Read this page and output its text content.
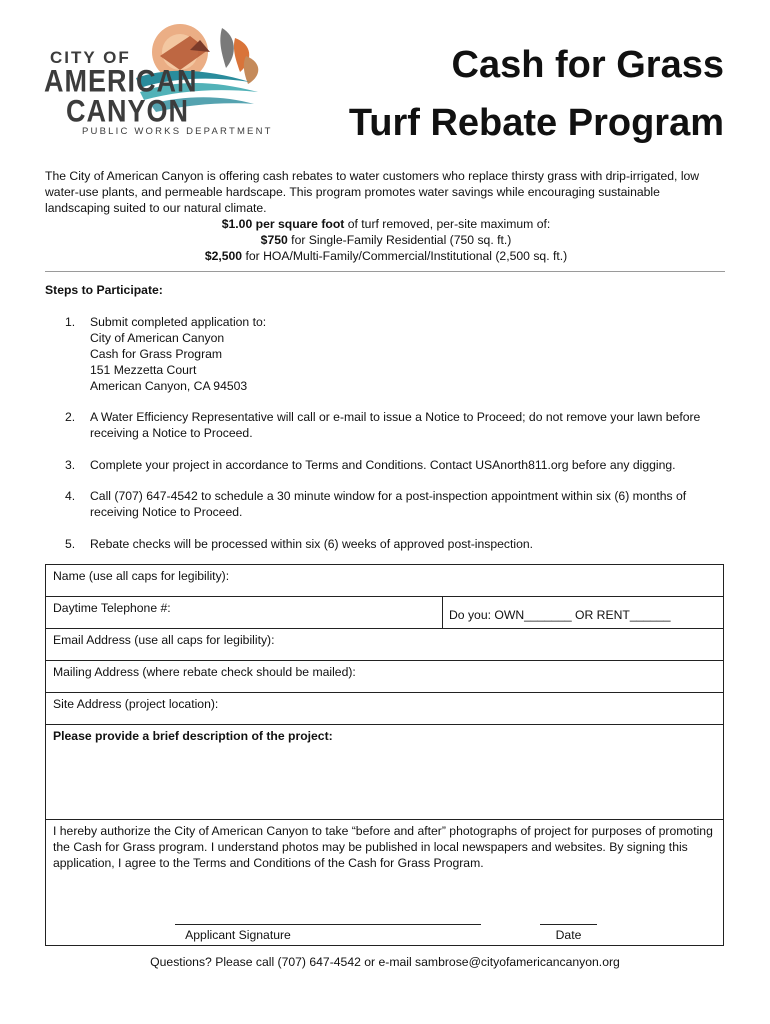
CITY OF
AMERICAN
CANYON
PUBLIC WORKS DEPARTMENT
Cash for Grass
Turf Rebate Program
The City of American Canyon is offering cash rebates to water customers who replace thirsty grass with drip-irrigated, low water-use plants, and permeable hardscape. This program promotes water savings while encouraging sustainable landscaping suited to our natural climate.
$1.00 per square foot of turf removed, per-site maximum of:
$750 for Single-Family Residential (750 sq. ft.)
$2,500 for HOA/Multi-Family/Commercial/Institutional (2,500 sq. ft.)
Steps to Participate:
1. Submit completed application to:
City of American Canyon
Cash for Grass Program
151 Mezzetta Court
American Canyon, CA 94503
2. A Water Efficiency Representative will call or e-mail to issue a Notice to Proceed; do not remove your lawn before receiving a Notice to Proceed.
3. Complete your project in accordance to Terms and Conditions. Contact USAnorth811.org before any digging.
4. Call (707) 647-4542 to schedule a 30 minute window for a post-inspection appointment within six (6) months of receiving Notice to Proceed.
5. Rebate checks will be processed within six (6) weeks of approved post-inspection.
Name (use all caps for legibility):
Daytime Telephone #:	Do you: OWN_______ OR RENT______
Email Address (use all caps for legibility):
Mailing Address (where rebate check should be mailed):
Site Address (project location):
Please provide a brief description of the project:
I hereby authorize the City of American Canyon to take “before and after” photographs of project for purposes of promoting the Cash for Grass program. I understand photos may be published in local newspapers and websites. By signing this application, I agree to the Terms and Conditions of the Cash for Grass Program.
Applicant Signature	Date
Questions? Please call (707) 647-4542 or e-mail sambrose@cityofamericancanyon.org
